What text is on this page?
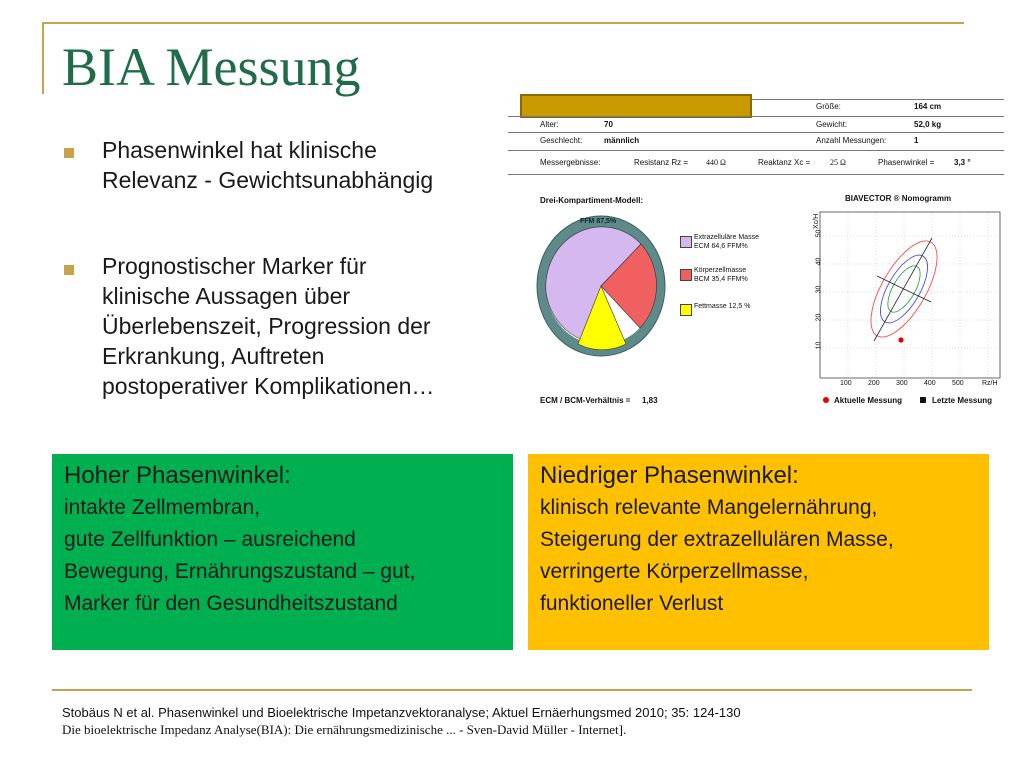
BIA Messung
Phasenwinkel hat klinische
Relevanz - Gewichtsunabhängig
Prognostischer Marker für
klinische Aussagen über
Überlebenszeit, Progression der
Erkrankung, Auftreten
postoperativer Komplikationen…
Größe:	164 cm
Alter:	70	Gewicht:	52,0 kg
Geschlecht:	männlich	Anzahl Messungen:	1
Messergebnisse:	Resistanz Rz = 440 Ω	Reaktanz Xc = 25 Ω	Phasenwinkel = 3,3 °
Drei-Kompartiment-Modell:	BIAVECTOR ® Nomogramm
FFM 87,5%
Extrazelluläre Masse
ECM 64,6 FFM%
Körperzellmasse
BCM 35,4 FFM%
Fettmasse 12,5 %
Xc/H
50
40
30
20
10
100 200 300 400 500	Rz/H
ECM / BCM-Verhältnis = 1,83	Aktuelle Messung	Letzte Messung
Hoher Phasenwinkel:
intakte Zellmembran,
gute Zellfunktion – ausreichend
Bewegung, Ernährungszustand – gut,
Marker für den Gesundheitszustand
Niedriger Phasenwinkel:
klinisch relevante Mangelernährung,
Steigerung der extrazellulären Masse,
verringerte Körperzellmasse,
funktioneller Verlust
Stobäus N et al. Phasenwinkel und Bioelektrische Impetanzvektoranalyse; Aktuel Ernäerhungsmed 2010; 35: 124-130
Die bioelektrische Impedanz Analyse(BIA): Die ernährungsmedizinische ... - Sven-David Müller - Internet].
